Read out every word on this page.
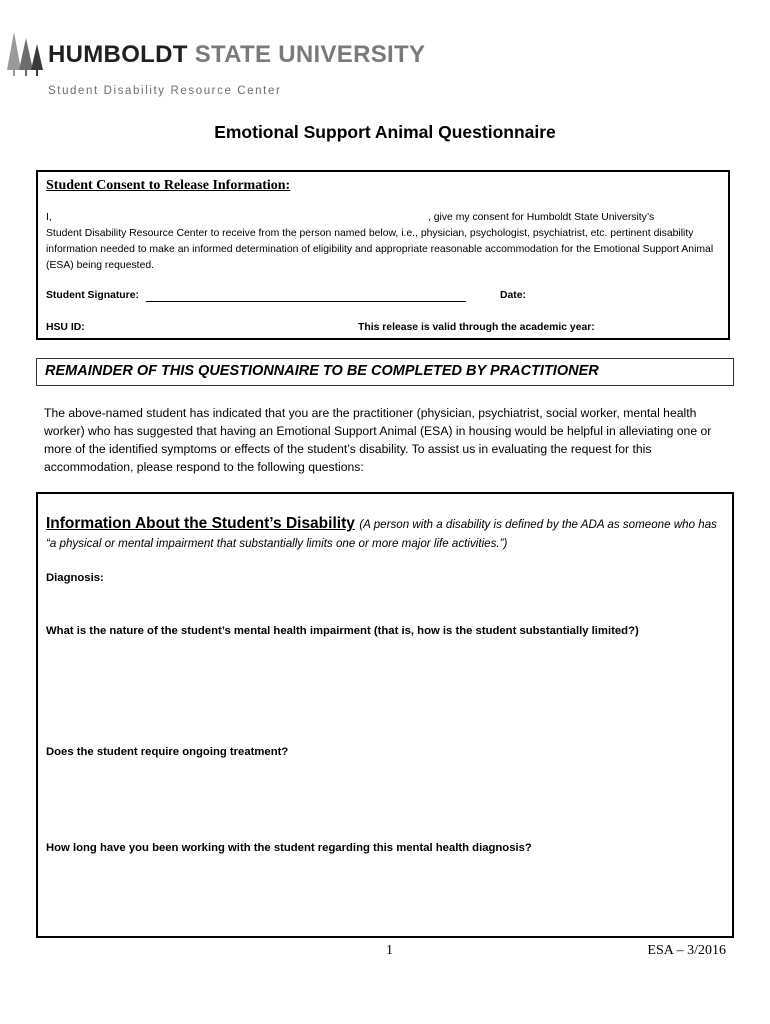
HUMBOLDT STATE UNIVERSITY
Student Disability Resource Center
Emotional Support Animal Questionnaire
Student Consent to Release Information:
I,	, give my consent for Humboldt State University’s
Student Disability Resource Center to receive from the person named below, i.e., physician, psychologist, psychiatrist, etc. pertinent disability information needed to make an informed determination of eligibility and appropriate reasonable accommodation for the Emotional Support Animal (ESA) being requested.
Student Signature:	Date:
HSU ID:	This release is valid through the academic year:
REMAINDER OF THIS QUESTIONNAIRE TO BE COMPLETED BY PRACTITIONER
The above-named student has indicated that you are the practitioner (physician, psychiatrist, social worker, mental health worker) who has suggested that having an Emotional Support Animal (ESA) in housing would be helpful in alleviating one or more of the identified symptoms or effects of the student’s disability. To assist us in evaluating the request for this accommodation, please respond to the following questions:
Information About the Student’s Disability (A person with a disability is defined by the ADA as someone who has “a physical or mental impairment that substantially limits one or more major life activities.”)
Diagnosis:
What is the nature of the student’s mental health impairment (that is, how is the student substantially limited?)
Does the student require ongoing treatment?
How long have you been working with the student regarding this mental health diagnosis?
1	ESA – 3/2016
